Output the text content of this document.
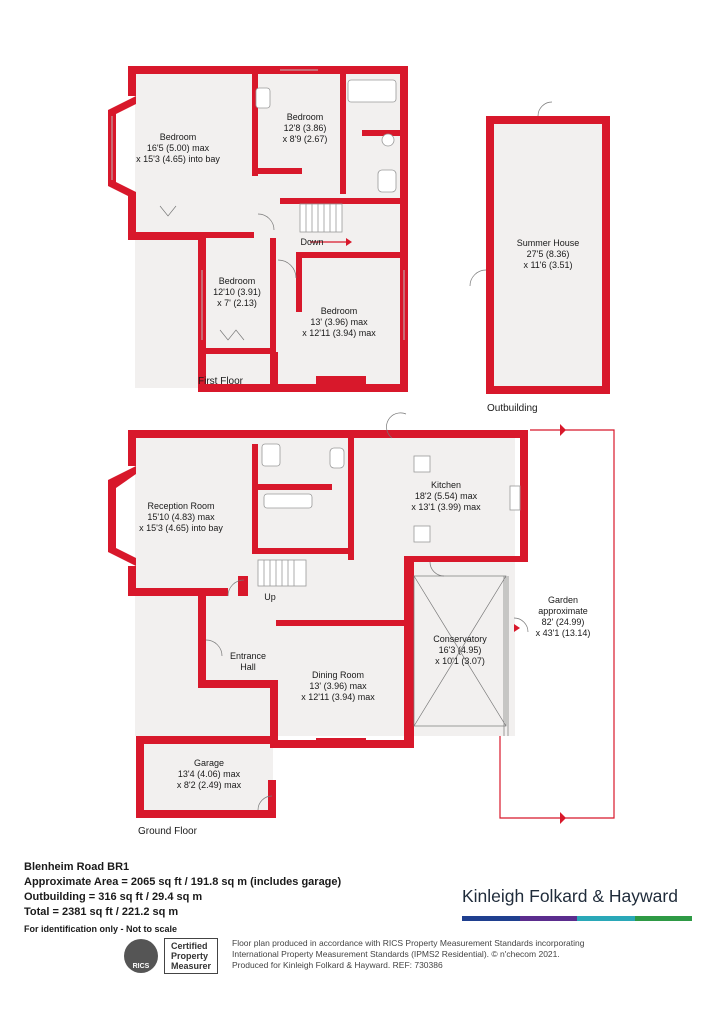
Bedroom
16'5 (5.00) max
x 15'3 (4.65) into bay
Bedroom
12'8 (3.86)
x 8'9 (2.67)
Bedroom
12'10 (3.91)
x 7' (2.13)
Bedroom
13' (3.96) max
x 12'11 (3.94) max
Down	Summer House
27'5 (8.36)
x 11'6 (3.51)
Reception Room
15'10 (4.83) max
x 15'3 (4.65) into bay
Kitchen
18'2 (5.54) max
x 13'1 (3.99) max
Up
Entrance
Hall
Dining Room
13' (3.96) max
x 12'11 (3.94) max
Conservatory
16'3 (4.95)
x 10'1 (3.07)
Garden
approximate
82' (24.99)
x 43'1 (13.14)
Garage
13'4 (4.06) max
x 8'2 (2.49) max
First Floor
Outbuilding
Ground Floor
Blenheim Road BR1
Approximate Area = 2065 sq ft / 191.8 sq m (includes garage)
Outbuilding = 316 sq ft / 29.4 sq m
Total = 2381 sq ft / 221.2 sq m
For identification only - Not to scale
Kinleigh Folkard & Hayward
RICS
Certified
Property
Measurer
Floor plan produced in accordance with RICS Property Measurement Standards incorporating
International Property Measurement Standards (IPMS2 Residential). © n'checom 2021.
Produced for Kinleigh Folkard & Hayward. REF: 730386
